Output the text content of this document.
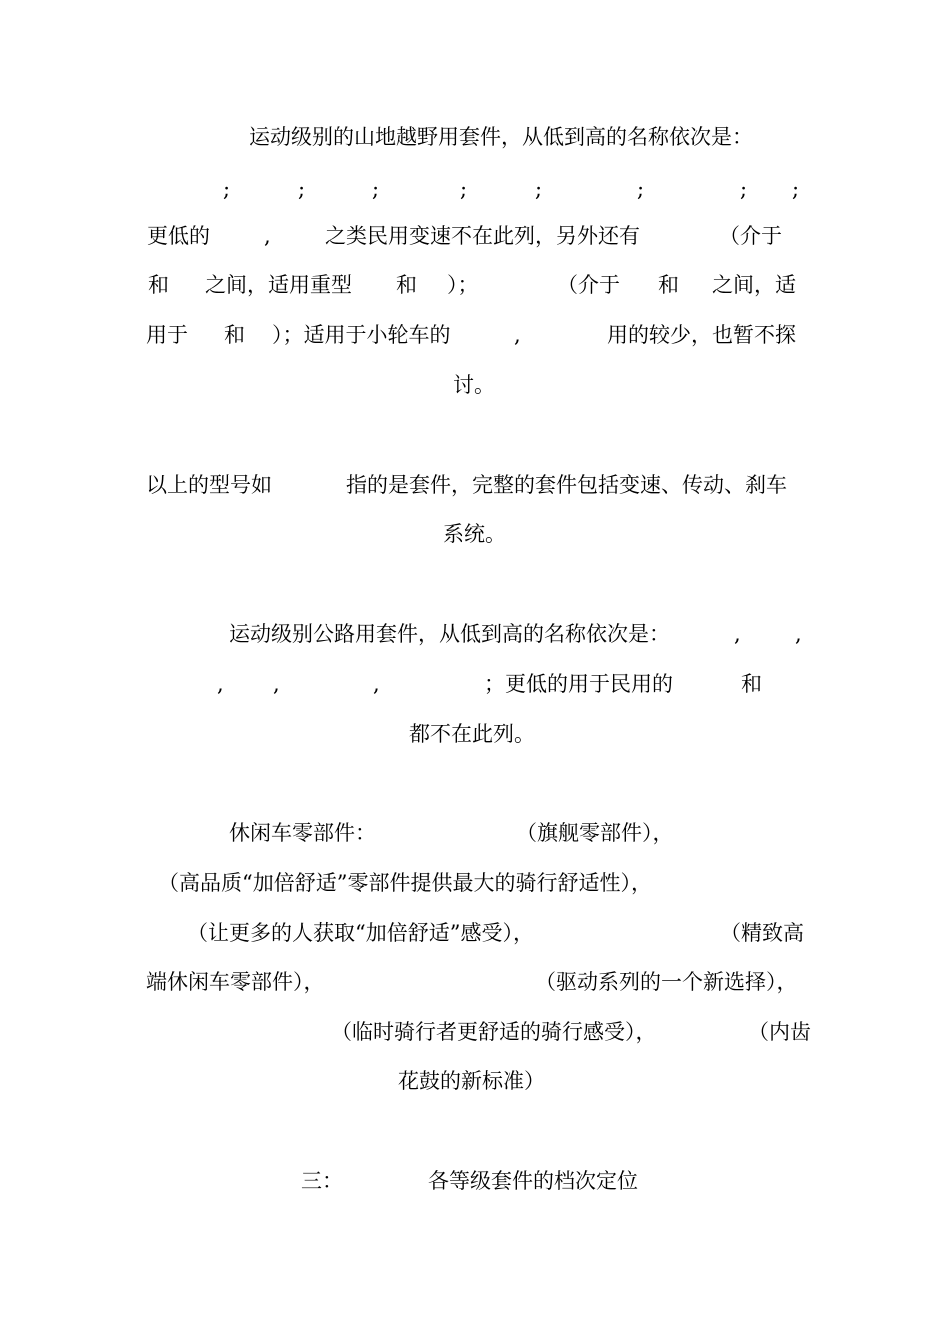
运动级别的山地越野用套件，从低到高的名称依次是：
;	;	;	;	;	;	; ;
更低的	,	之类民用变速不在此列，另外还有	（介于
和 之间，适用重型 和 ）；	（介于 和 之间，适
用于 和 ）；适用于小轮车的	,	用的较少，也暂不探
讨。
以上的型号如	指的是套件，完整的套件包括变速、传动、刹车
系统。
运动级别公路用套件，从低到高的名称依次是：	,	,
, ,	,	；更低的用于民用的	和
都不在此列。
休闲车零部件：	（旗舰零部件），
（高品质“加倍舒适”零部件提供最大的骑行舒适性），
（让更多的人获取“加倍舒适”感受），	（精致高
端休闲车零部件），	（驱动系列的一个新选择），
（临时骑行者更舒适的骑行感受），	（内齿
花鼓的新标准）
三：	各等级套件的档次定位
